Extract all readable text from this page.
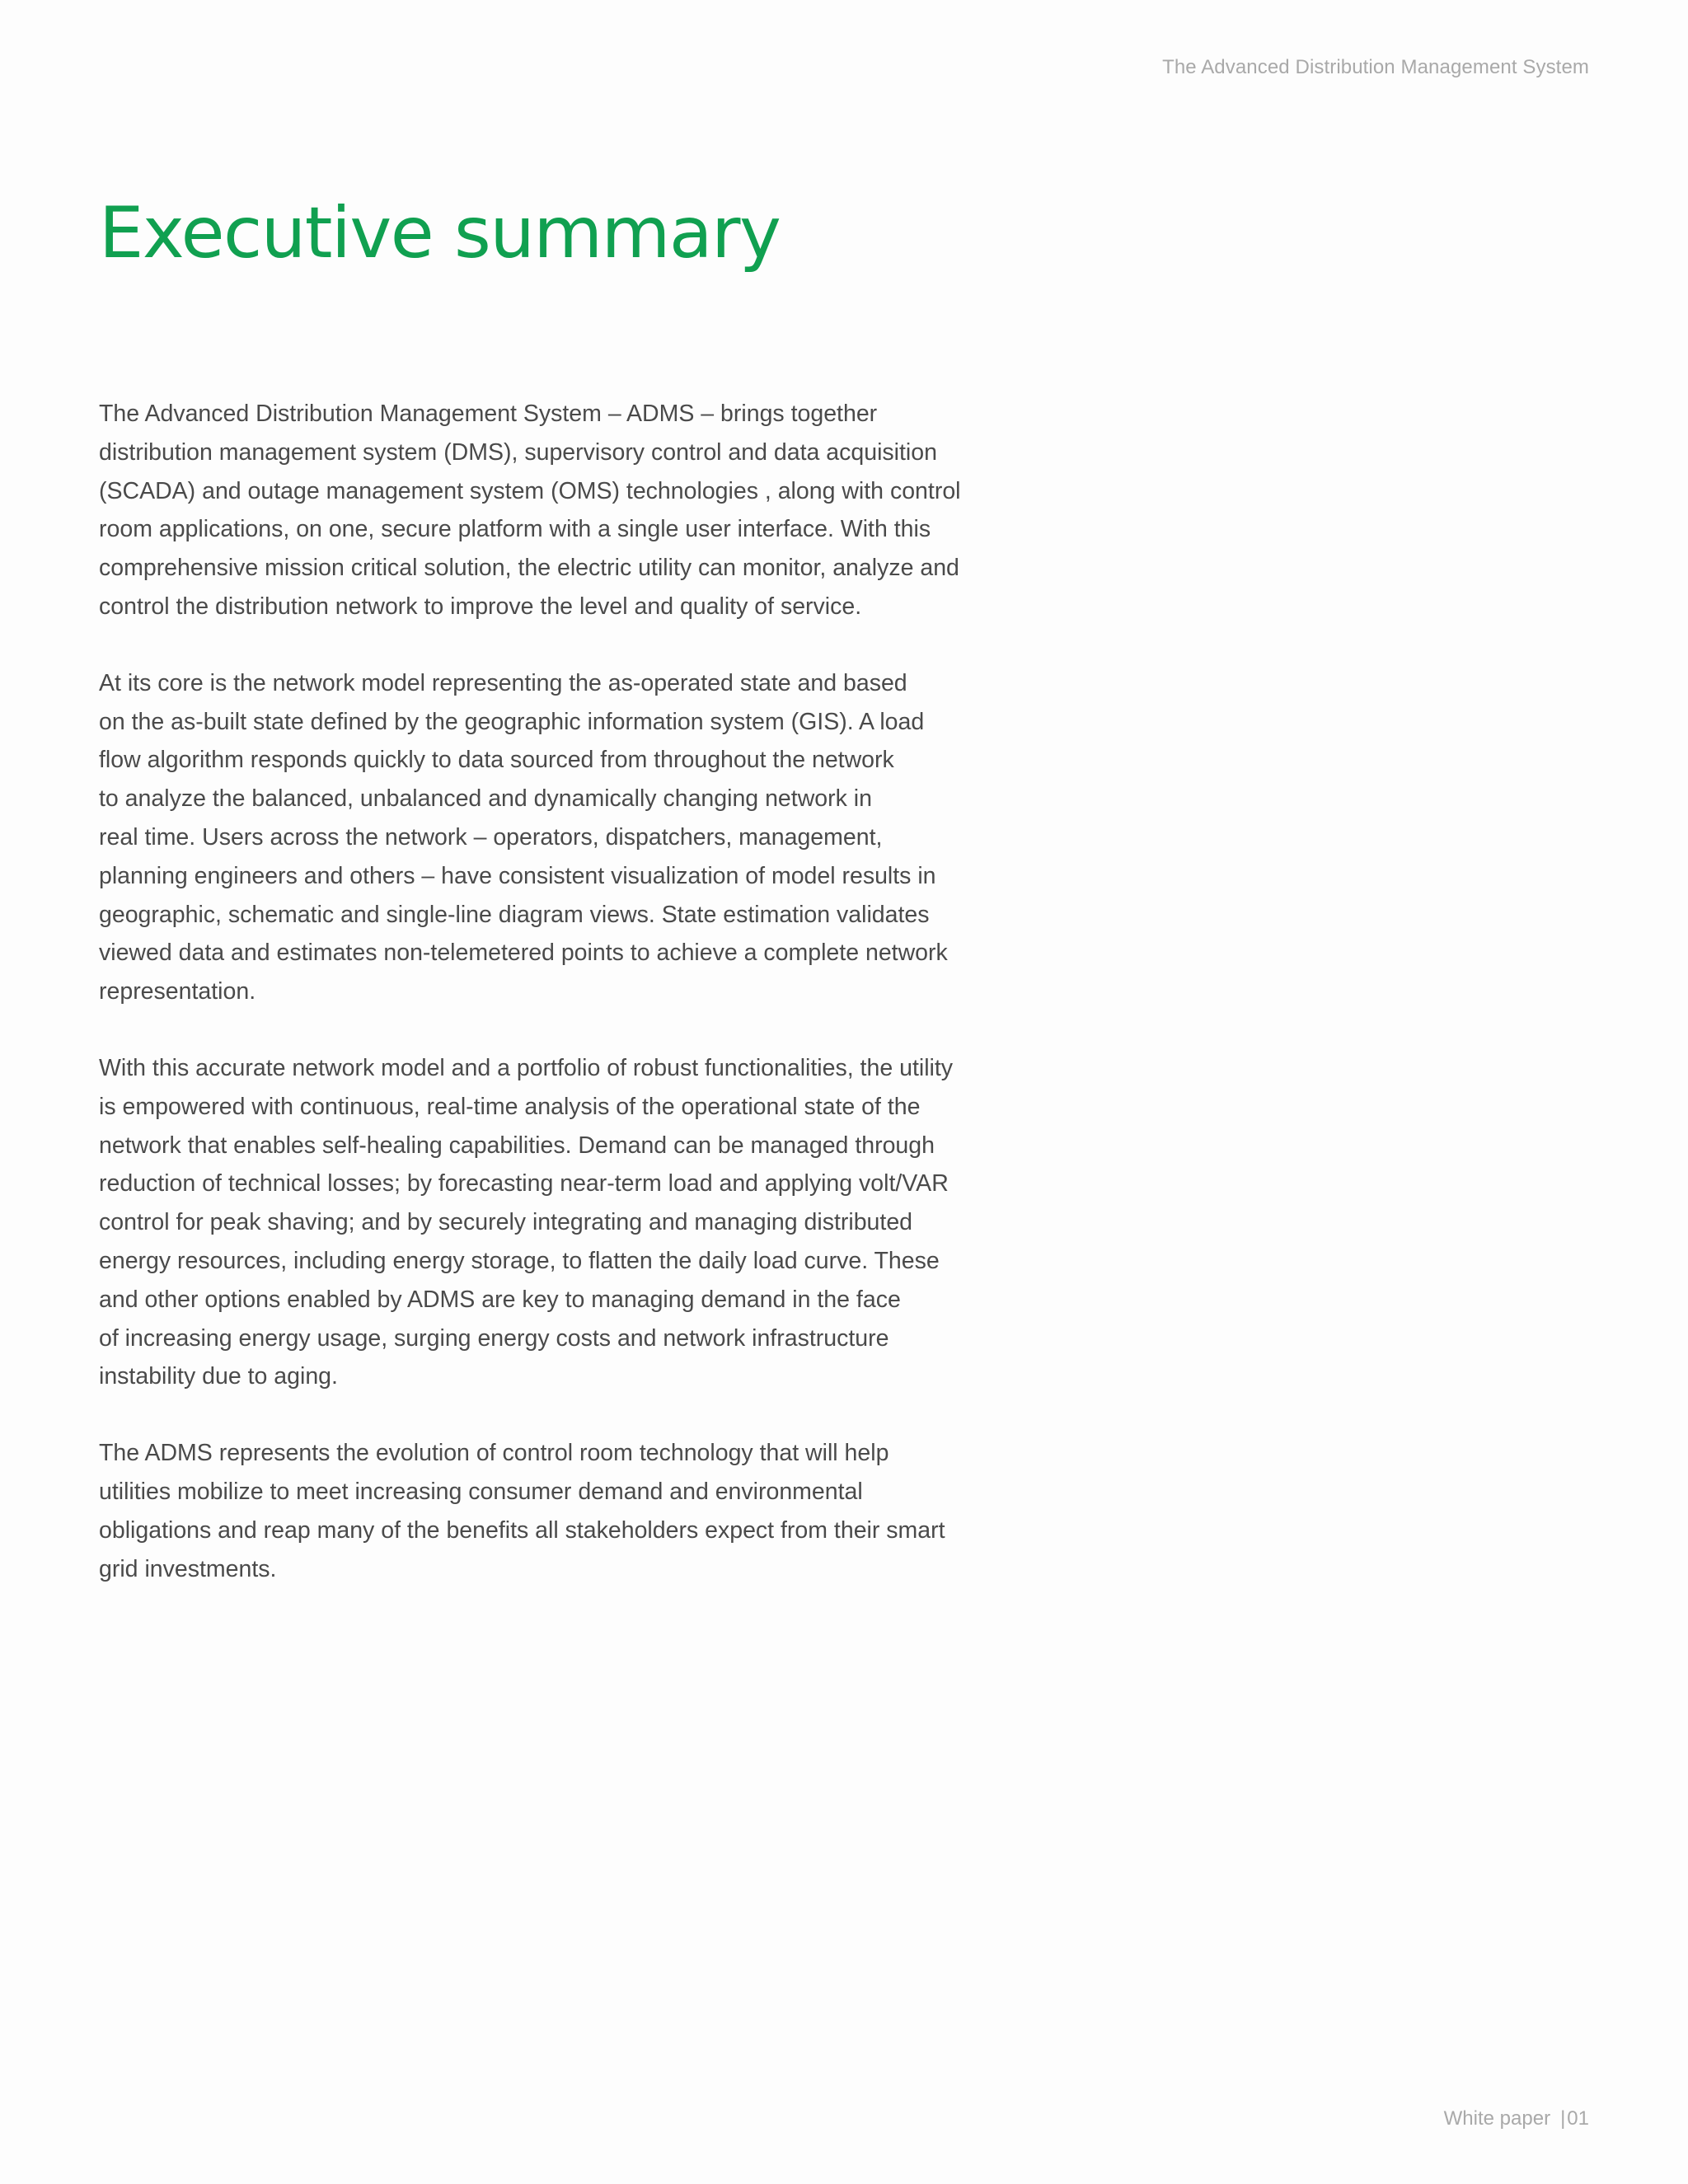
The Advanced Distribution Management System
Executive summary

The Advanced Distribution Management System – ADMS – brings together
distribution management system (DMS), supervisory control and data acquisition
(SCADA) and outage management system (OMS) technologies , along with control
room applications, on one, secure platform with a single user interface. With this
comprehensive mission critical solution, the electric utility can monitor, analyze and
control the distribution network to improve the level and quality of service.

At its core is the network model representing the as-operated state and based
on the as-built state defined by the geographic information system (GIS). A load
flow algorithm responds quickly to data sourced from throughout the network
to analyze the balanced, unbalanced and dynamically changing network in
real time. Users across the network – operators, dispatchers, management,
planning engineers and others – have consistent visualization of model results in
geographic, schematic and single-line diagram views. State estimation validates
viewed data and estimates non-telemetered points to achieve a complete network
representation.

With this accurate network model and a portfolio of robust functionalities, the utility
is empowered with continuous, real-time analysis of the operational state of the
network that enables self-healing capabilities. Demand can be managed through
reduction of technical losses; by forecasting near-term load and applying volt/VAR
control for peak shaving; and by securely integrating and managing distributed
energy resources, including energy storage, to flatten the daily load curve. These
and other options enabled by ADMS are key to managing demand in the face
of increasing energy usage, surging energy costs and network infrastructure
instability due to aging.

The ADMS represents the evolution of control room technology that will help
utilities mobilize to meet increasing consumer demand and environmental
obligations and reap many of the benefits all stakeholders expect from their smart
grid investments.

White paper |01
